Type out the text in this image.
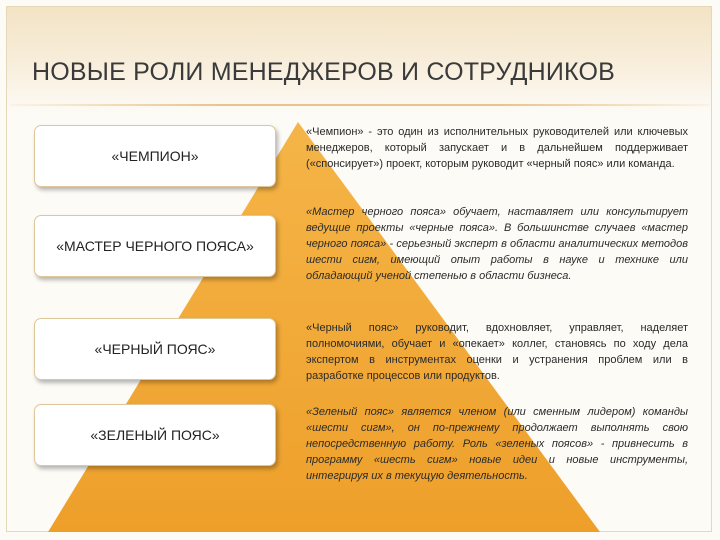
НОВЫЕ РОЛИ МЕНЕДЖЕРОВ И СОТРУДНИКОВ
«ЧЕМПИОН»
«МАСТЕР ЧЕРНОГО ПОЯСА»
«ЧЕРНЫЙ ПОЯС»
«ЗЕЛЕНЫЙ ПОЯС»
«Чемпион» - это один из исполнительных руководителей или ключевых менеджеров, который запускает и в дальнейшем поддерживает («спонсирует») проект, которым руководит «черный пояс» или команда.
«Мастер черного пояса» обучает, наставляет или консультирует ведущие проекты «черные пояса». В большинстве случаев «мастер черного пояса» - серьезный эксперт в области аналитических методов шести сигм, имеющий опыт работы в науке и технике или обладающий ученой степенью в области бизнеса.
«Черный пояс» руководит, вдохновляет, управляет, наделяет полномочиями, обучает и «опекает» коллег, становясь по ходу дела экспертом в инструментах оценки и устранения проблем или в разработке процессов или продуктов.
«Зеленый пояс» является членом (или сменным лидером) команды «шести сигм», он по-прежнему продолжает выполнять свою непосредственную работу. Роль «зеленых поясов» - привнесить в программу «шесть сигм» новые идеи и новые инструменты, интегрируя их в текущую деятельность.
